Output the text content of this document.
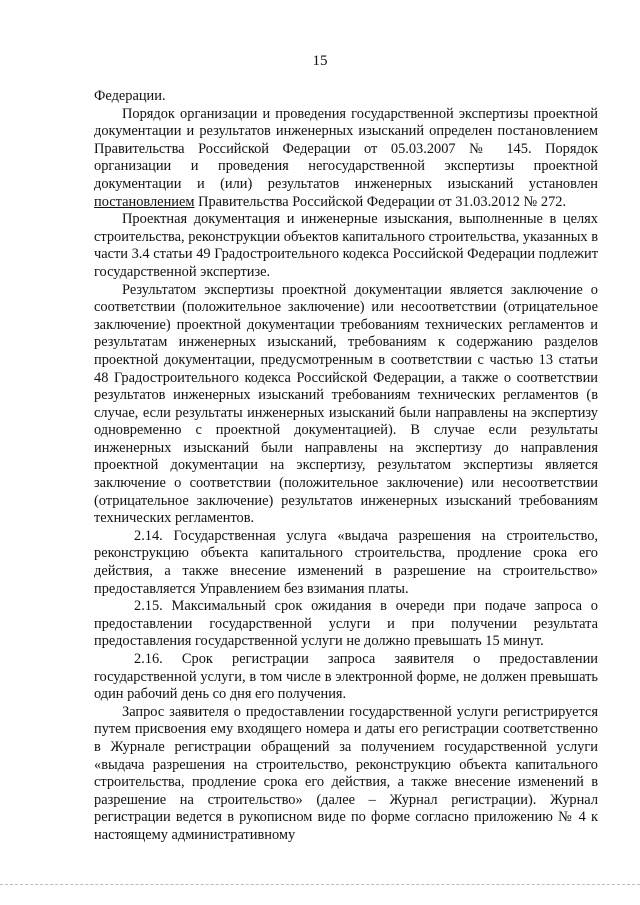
15

Федерации.

Порядок организации и проведения государственной экспертизы проектной документации и результатов инженерных изысканий определен постановлением Правительства Российской Федерации от 05.03.2007 № 145. Порядок организации и проведения негосударственной экспертизы проектной документации и (или) результатов инженерных изысканий установлен постановлением Правительства Российской Федерации от 31.03.2012 № 272.

Проектная документация и инженерные изыскания, выполненные в целях строительства, реконструкции объектов капитального строительства, указанных в части 3.4 статьи 49 Градостроительного кодекса Российской Федерации подлежит государственной экспертизе.

Результатом экспертизы проектной документации является заключение о соответствии (положительное заключение) или несоответствии (отрицательное заключение) проектной документации требованиям технических регламентов и результатам инженерных изысканий, требованиям к содержанию разделов проектной документации, предусмотренным в соответствии с частью 13 статьи 48 Градостроительного кодекса Российской Федерации, а также о соответствии результатов инженерных изысканий требованиям технических регламентов (в случае, если результаты инженерных изысканий были направлены на экспертизу одновременно с проектной документацией). В случае если результаты инженерных изысканий были направлены на экспертизу до направления проектной документации на экспертизу, результатом экспертизы является заключение о соответствии (положительное заключение) или несоответствии (отрицательное заключение) результатов инженерных изысканий требованиям технических регламентов.

2.14. Государственная услуга «выдача разрешения на строительство, реконструкцию объекта капитального строительства, продление срока его действия, а также внесение изменений в разрешение на строительство» предоставляется Управлением без взимания платы.

2.15. Максимальный срок ожидания в очереди при подаче запроса о предоставлении государственной услуги и при получении результата предоставления государственной услуги не должно превышать 15 минут.

2.16. Срок регистрации запроса заявителя о предоставлении государственной услуги, в том числе в электронной форме, не должен превышать один рабочий день со дня его получения.

Запрос заявителя о предоставлении государственной услуги регистрируется путем присвоения ему входящего номера и даты его регистрации соответственно в Журнале регистрации обращений за получением государственной услуги «выдача разрешения на строительство, реконструкцию объекта капитального строительства, продление срока его действия, а также внесение изменений в разрешение на строительство» (далее – Журнал регистрации). Журнал регистрации ведется в рукописном виде по форме согласно приложению № 4 к настоящему административному
